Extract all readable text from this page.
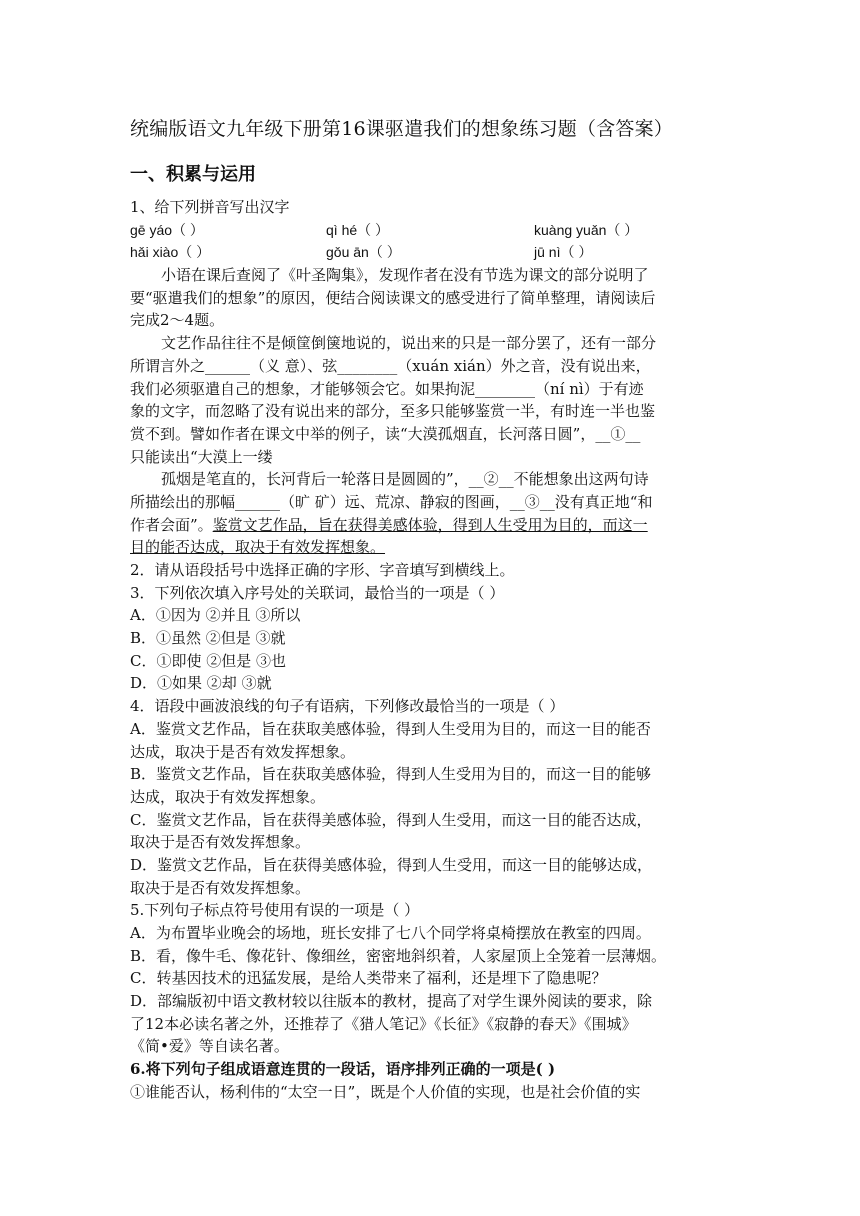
统编版语文九年级下册第16课驱遣我们的想象练习题（含答案）
一、积累与运用
1、给下列拼音写出汉字
gē yáo（ ）	qì hé（ ）	kuàng yuǎn（ ）
hǎi xiào（ ）	gǒu ān（ ）	jū nì（ ）
小语在课后查阅了《叶圣陶集》，发现作者在没有节选为课文的部分说明了
要“驱遣我们的想象”的原因，便结合阅读课文的感受进行了简单整理，请阅读后
完成2～4题。
文艺作品往往不是倾筐倒箧地说的，说出来的只是一部分罢了，还有一部分
所谓言外之______（义 意）、弦________（xuán xián）外之音，没有说出来，
我们必须驱遣自己的想象，才能够领会它。如果拘泥________（ní nì）于有迹
象的文字，而忽略了没有说出来的部分，至多只能够鉴赏一半，有时连一半也鉴
赏不到。譬如作者在课文中举的例子，读“大漠孤烟直，长河落日圆”，__①__
只能读出“大漠上一缕
孤烟是笔直的，长河背后一轮落日是圆圆的”，__②__不能想象出这两句诗
所描绘出的那幅______（旷 矿）远、荒凉、静寂的图画，__③__没有真正地“和
作者会面”。鉴赏文艺作品，旨在获得美感体验，得到人生受用为目的，而这一
目的能否达成，取决于有效发挥想象。
2．请从语段括号中选择正确的字形、字音填写到横线上。
3．下列依次填入序号处的关联词，最恰当的一项是（ ）
A．①因为 ②并且 ③所以
B．①虽然 ②但是 ③就
C．①即使 ②但是 ③也
D．①如果 ②却 ③就
4．语段中画波浪线的句子有语病，下列修改最恰当的一项是（ ）
A．鉴赏文艺作品，旨在获取美感体验，得到人生受用为目的，而这一目的能否
达成，取决于是否有效发挥想象。
B．鉴赏文艺作品，旨在获取美感体验，得到人生受用为目的，而这一目的能够
达成，取决于有效发挥想象。
C．鉴赏文艺作品，旨在获得美感体验，得到人生受用，而这一目的能否达成，
取决于是否有效发挥想象。
D．鉴赏文艺作品，旨在获得美感体验，得到人生受用，而这一目的能够达成，
取决于是否有效发挥想象。
5.下列句子标点符号使用有误的一项是（ ）
A．为布置毕业晚会的场地，班长安排了七八个同学将桌椅摆放在教室的四周。
B．看，像牛毛、像花针、像细丝，密密地斜织着，人家屋顶上全笼着一层薄烟。
C．转基因技术的迅猛发展，是给人类带来了福利，还是埋下了隐患呢？
D．部编版初中语文教材较以往版本的教材，提高了对学生课外阅读的要求，除
了12本必读名著之外，还推荐了《猎人笔记》《长征》《寂静的春天》《围城》
《简•爱》等自读名著。
6.将下列句子组成语意连贯的一段话，语序排列正确的一项是( )
①谁能否认，杨利伟的“太空一日”，既是个人价值的实现，也是社会价值的实
